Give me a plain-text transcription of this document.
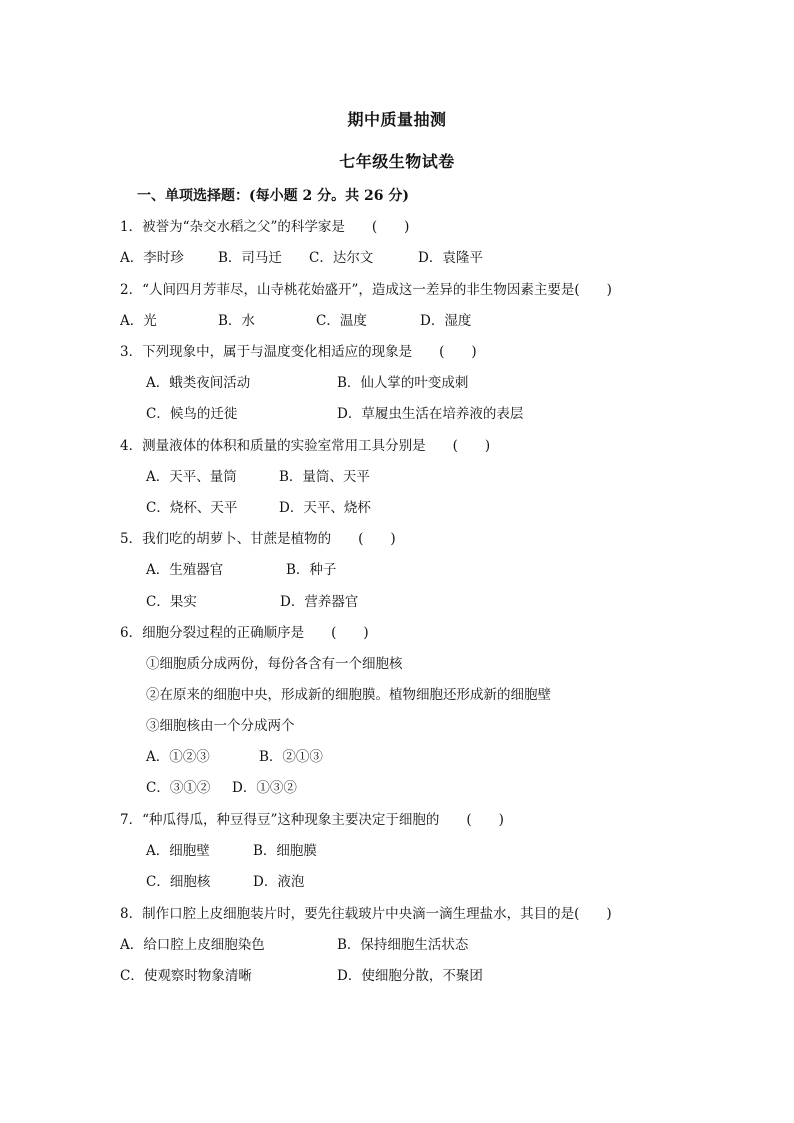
期中质量抽测
七年级生物试卷
一、单项选择题：(每小题 2 分。共 26 分)
1．被誉为“杂交水稻之父”的科学家是　　(　　)
A．李时珍	B．司马迁 C．达尔文	D．袁隆平
2．“人间四月芳菲尽，山寺桃花始盛开”，造成这一差异的非生物因素主要是(　　)
A．光	B．水	C．温度	D．湿度
3．下列现象中，属于与温度变化相适应的现象是　　(　　)
A．蛾类夜间活动	B．仙人掌的叶变成刺
C．候鸟的迁徙	D．草履虫生活在培养液的表层
4．测量液体的体积和质量的实验室常用工具分别是　　(　　)
A．天平、量筒	B．量筒、天平
C．烧杯、天平	D．天平、烧杯
5．我们吃的胡萝卜、甘蔗是植物的　　(　　)
A．生殖器官	B．种子
C．果实	D．营养器官
6．细胞分裂过程的正确顺序是　　(　　)
①细胞质分成两份，每份各含有一个细胞核
②在原来的细胞中央，形成新的细胞膜。植物细胞还形成新的细胞壁
③细胞核由一个分成两个
A．①②③	B．②①③
C．③①② D．①③②
7．“种瓜得瓜，种豆得豆”这种现象主要决定于细胞的　　(　　)
A．细胞壁	B．细胞膜
C．细胞核	D．液泡
8．制作口腔上皮细胞装片时，要先往载玻片中央滴一滴生理盐水，其目的是(　　)
A．给口腔上皮细胞染色	B．保持细胞生活状态
C．使观察时物象清晰	D．使细胞分散，不聚团
